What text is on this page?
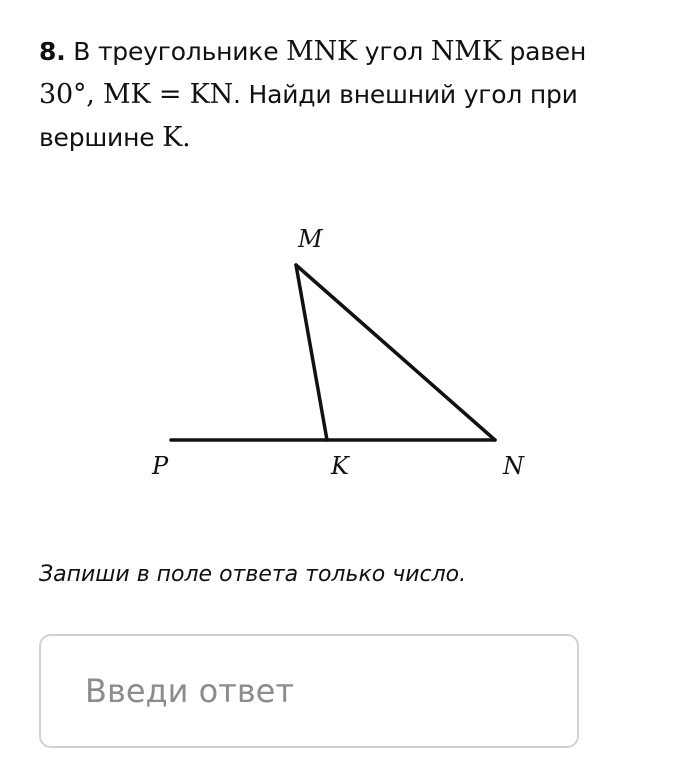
8. В треугольнике MNK угол NMK равен
30°, MK = KN. Найди внешний угол при вершине K.
M
P	K	N
Запиши в поле ответа только число.
Введи ответ
